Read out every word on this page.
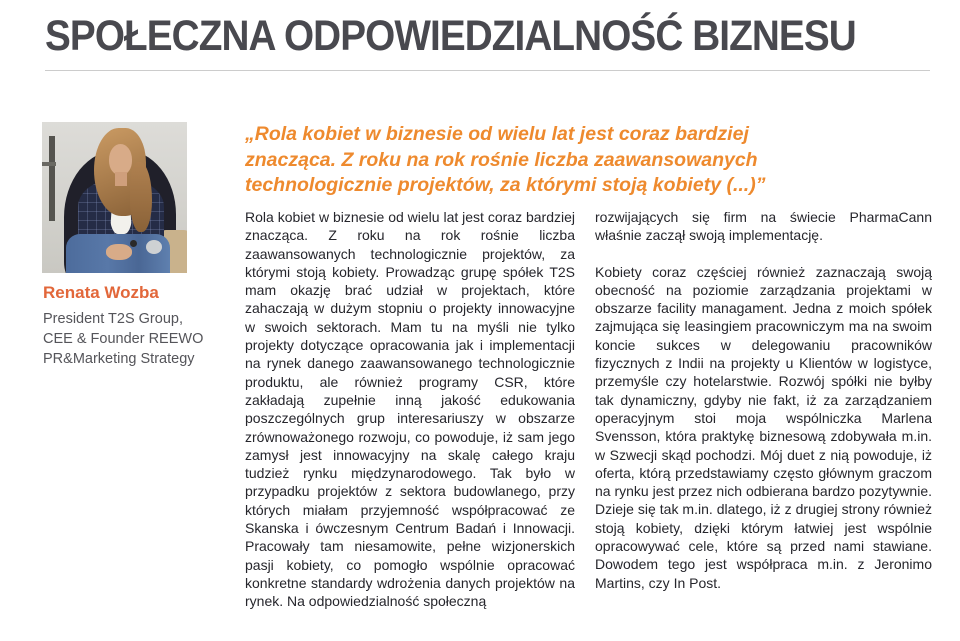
SPOŁECZNA ODPOWIEDZIALNOŚĆ BIZNESU
Renata Wozba
President T2S Group,
CEE & Founder REEWO
PR&Marketing Strategy
„Rola kobiet w biznesie od wielu lat jest coraz bardziej
znacząca. Z roku na rok rośnie liczba zaawansowanych
technologicznie projektów, za którymi stoją kobiety (...)”

Rola kobiet w biznesie od wielu lat jest coraz bardziej znacząca. Z roku na rok rośnie liczba zaawansowanych technologicznie projektów, za którymi stoją kobiety. Prowadząc grupę spółek T2S mam okazję brać udział w projektach, które zahaczają w dużym stopniu o projekty innowacyjne w swoich sektorach. Mam tu na myśli nie tylko projekty dotyczące opracowania jak i implementacji na rynek danego zaawansowanego technologicznie produktu, ale również programy CSR, które zakładają zupełnie inną jakość edukowania poszczególnych grup interesariuszy w obszarze zrównoważonego rozwoju, co powoduje, iż sam jego zamysł jest innowacyjny na skalę całego kraju tudzież rynku międzynarodowego. Tak było w przypadku projektów z sektora budowlanego, przy których miałam przyjemność współpracować ze Skanska i ówczesnym Centrum Badań i Innowacji. Pracowały tam niesamowite, pełne wizjonerskich pasji kobiety, co pomogło wspólnie opracować konkretne standardy wdrożenia danych projektów na rynek. Na odpowiedzialność społeczną

rozwijających się firm na świecie PharmaCann właśnie zaczął swoją implementację.

Kobiety coraz częściej również zaznaczają swoją obecność na poziomie zarządzania projektami w obszarze facility managament. Jedna z moich spółek zajmująca się leasingiem pracowniczym ma na swoim koncie sukces w delegowaniu pracowników fizycznych z Indii na projekty u Klientów w logistyce, przemyśle czy hotelarstwie. Rozwój spółki nie byłby tak dynamiczny, gdyby nie fakt, iż za zarządzaniem operacyjnym stoi moja wspólniczka Marlena Svensson, która praktykę biznesową zdobywała m.in. w Szwecji skąd pochodzi. Mój duet z nią powoduje, iż oferta, którą przedstawiamy często głównym graczom na rynku jest przez nich odbierana bardzo pozytywnie. Dzieje się tak m.in. dlatego, iż z drugiej strony również stoją kobiety, dzięki którym łatwiej jest wspólnie opracowywać cele, które są przed nami stawiane. Dowodem tego jest współpraca m.in. z Jeronimo Martins, czy In Post.
